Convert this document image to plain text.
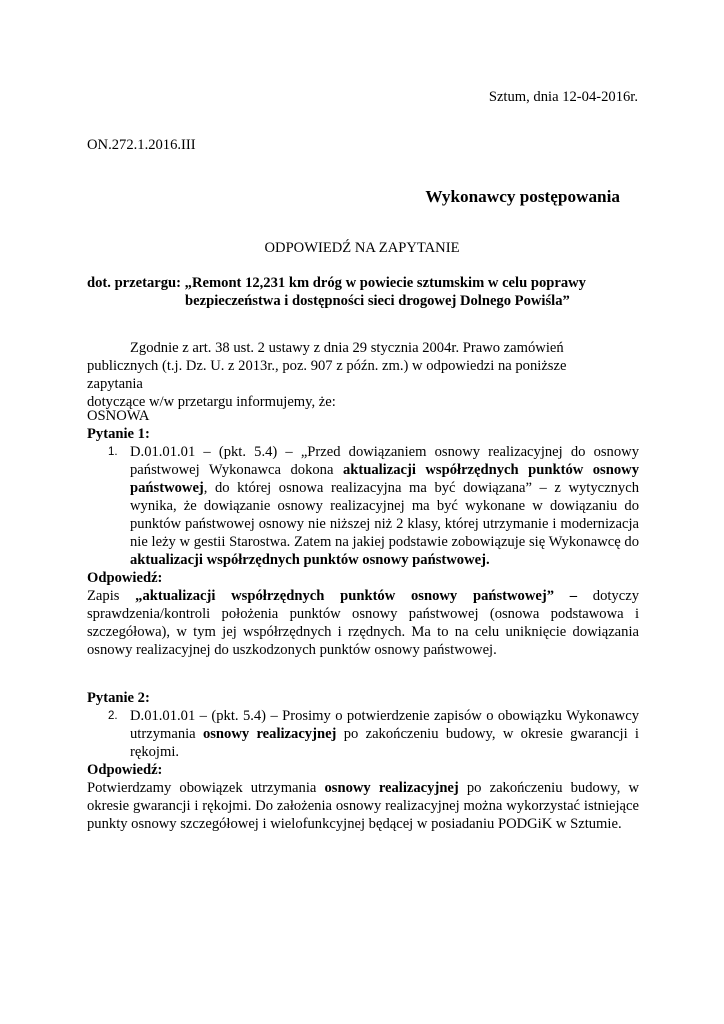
Sztum, dnia 12-04-2016r.
ON.272.1.2016.III
Wykonawcy postępowania
ODPOWIEDŹ NA ZAPYTANIE
dot. przetargu: „Remont 12,231 km dróg w powiecie sztumskim w celu poprawy
bezpieczeństwa i dostępności sieci drogowej Dolnego Powiśla”
Zgodnie z art. 38 ust. 2 ustawy z dnia 29 stycznia 2004r. Prawo zamówień
publicznych (t.j. Dz. U. z 2013r., poz. 907 z późn. zm.) w odpowiedzi na poniższe zapytania
dotyczące w/w przetargu informujemy, że:
OSNOWA
Pytanie 1:
1. D.01.01.01 – (pkt. 5.4) – „Przed dowiązaniem osnowy realizacyjnej do osnowy państwowej Wykonawca dokona aktualizacji współrzędnych punktów osnowy państwowej, do której osnowa realizacyjna ma być dowiązana” – z wytycznych wynika, że dowiązanie osnowy realizacyjnej ma być wykonane w dowiązaniu do punktów państwowej osnowy nie niższej niż 2 klasy, której utrzymanie i modernizacja nie leży w gestii Starostwa. Zatem na jakiej podstawie zobowiązuje się Wykonawcę do aktualizacji współrzędnych punktów osnowy państwowej.

Odpowiedź:

Zapis „aktualizacji współrzędnych punktów osnowy państwowej” – dotyczy sprawdzenia/kontroli położenia punktów osnowy państwowej (osnowa podstawowa i szczegółowa), w tym jej współrzędnych i rzędnych. Ma to na celu uniknięcie dowiązania osnowy realizacyjnej do uszkodzonych punktów osnowy państwowej.

Pytanie 2:
2. D.01.01.01 – (pkt. 5.4) – Prosimy o potwierdzenie zapisów o obowiązku Wykonawcy utrzymania osnowy realizacyjnej po zakończeniu budowy, w okresie gwarancji i rękojmi.

Odpowiedź:

Potwierdzamy obowiązek utrzymania osnowy realizacyjnej po zakończeniu budowy, w okresie gwarancji i rękojmi. Do założenia osnowy realizacyjnej można wykorzystać istniejące punkty osnowy szczegółowej i wielofunkcyjnej będącej w posiadaniu PODGiK w Sztumie.
